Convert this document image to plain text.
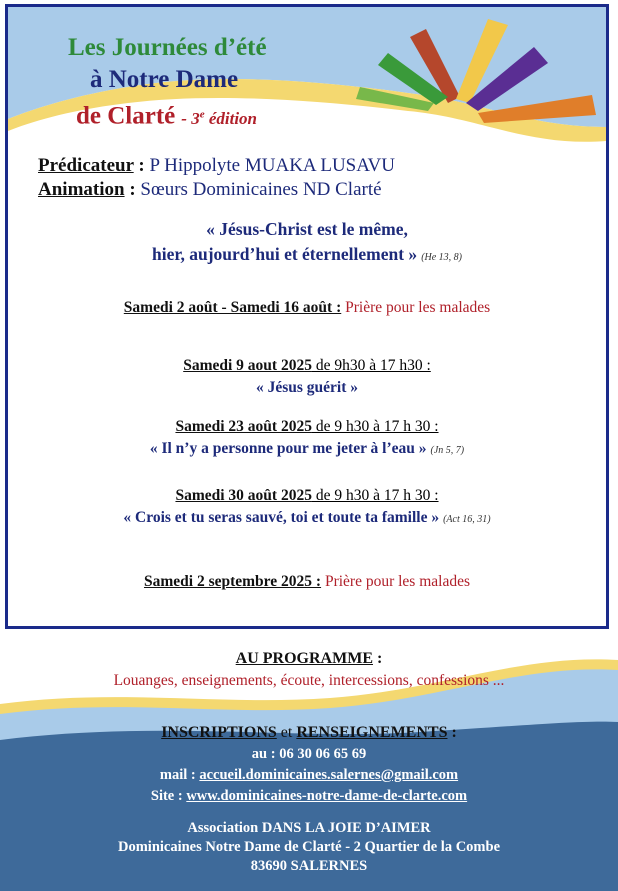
Les Journées d’été
à Notre Dame
de Clarté - 3e édition
Prédicateur : P Hippolyte MUAKA LUSAVU
Animation : Sœurs Dominicaines ND Clarté
« Jésus-Christ est le même,
hier, aujourd’hui et éternellement » (He 13, 8)
Samedi 2 août - Samedi 16 août : Prière pour les malades
Samedi 9 aout 2025 de 9h30 à 17 h30 :
« Jésus guérit »
Samedi 23 août 2025 de 9 h30 à 17 h 30 :
« Il n’y a personne pour me jeter à l’eau » (Jn 5, 7)
Samedi 30 août 2025 de 9 h30 à 17 h 30 :
« Crois et tu seras sauvé, toi et toute ta famille » (Act 16, 31)
Samedi 2 septembre 2025 : Prière pour les malades
AU PROGRAMME :
Louanges, enseignements, écoute, intercessions, confessions ...
INSCRIPTIONS et RENSEIGNEMENTS :
au : 06 30 06 65 69
mail : accueil.dominicaines.salernes@gmail.com
Site : www.dominicaines-notre-dame-de-clarte.com
Association DANS LA JOIE D’AIMER
Dominicaines Notre Dame de Clarté - 2 Quartier de la Combe
83690 SALERNES
